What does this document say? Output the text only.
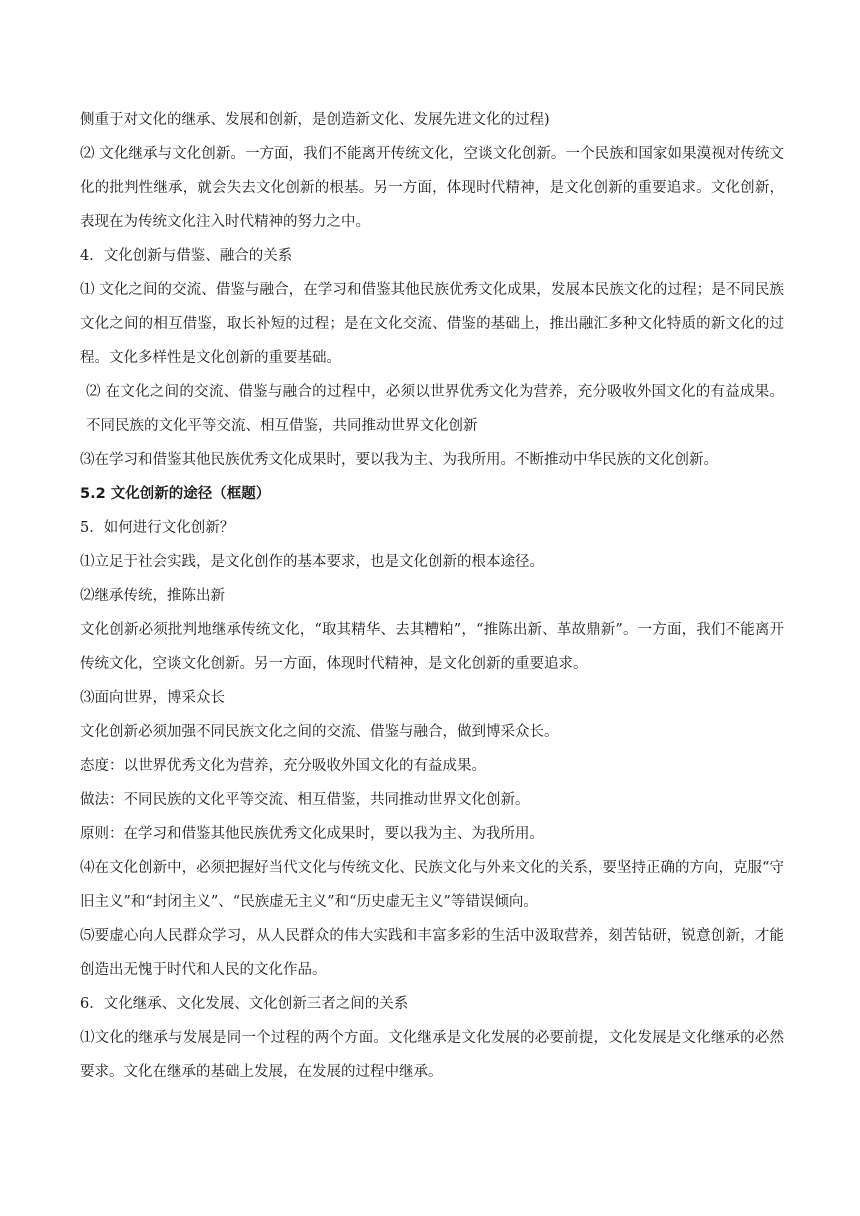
侧重于对文化的继承、发展和创新，是创造新文化、发展先进文化的过程)

⑵ 文化继承与文化创新。一方面，我们不能离开传统文化，空谈文化创新。一个民族和国家如果漠视对传统文化的批判性继承，就会失去文化创新的根基。另一方面，体现时代精神，是文化创新的重要追求。文化创新，表现在为传统文化注入时代精神的努力之中。

4．文化创新与借鉴、融合的关系

⑴ 文化之间的交流、借鉴与融合，在学习和借鉴其他民族优秀文化成果，发展本民族文化的过程；是不同民族文化之间的相互借鉴，取长补短的过程；是在文化交流、借鉴的基础上，推出融汇多种文化特质的新文化的过程。文化多样性是文化创新的重要基础。

⑵ 在文化之间的交流、借鉴与融合的过程中，必须以世界优秀文化为营养，充分吸收外国文化的有益成果。不同民族的文化平等交流、相互借鉴，共同推动世界文化创新

⑶在学习和借鉴其他民族优秀文化成果时，要以我为主、为我所用。不断推动中华民族的文化创新。

5.2 文化创新的途径（框题）

5．如何进行文化创新？

⑴立足于社会实践，是文化创作的基本要求，也是文化创新的根本途径。

⑵继承传统，推陈出新

文化创新必须批判地继承传统文化，“取其精华、去其糟粕”，“推陈出新、革故鼎新”。一方面，我们不能离开传统文化，空谈文化创新。另一方面，体现时代精神，是文化创新的重要追求。

⑶面向世界，博采众长

文化创新必须加强不同民族文化之间的交流、借鉴与融合，做到博采众长。

态度：以世界优秀文化为营养，充分吸收外国文化的有益成果。

做法：不同民族的文化平等交流、相互借鉴，共同推动世界文化创新。

原则：在学习和借鉴其他民族优秀文化成果时，要以我为主、为我所用。

⑷在文化创新中，必须把握好当代文化与传统文化、民族文化与外来文化的关系，要坚持正确的方向，克服“守旧主义”和“封闭主义”、“民族虚无主义”和“历史虚无主义”等错误倾向。

⑸要虚心向人民群众学习，从人民群众的伟大实践和丰富多彩的生活中汲取营养，刻苦钻研，锐意创新，才能创造出无愧于时代和人民的文化作品。

6．文化继承、文化发展、文化创新三者之间的关系

⑴文化的继承与发展是同一个过程的两个方面。文化继承是文化发展的必要前提，文化发展是文化继承的必然要求。文化在继承的基础上发展，在发展的过程中继承。
